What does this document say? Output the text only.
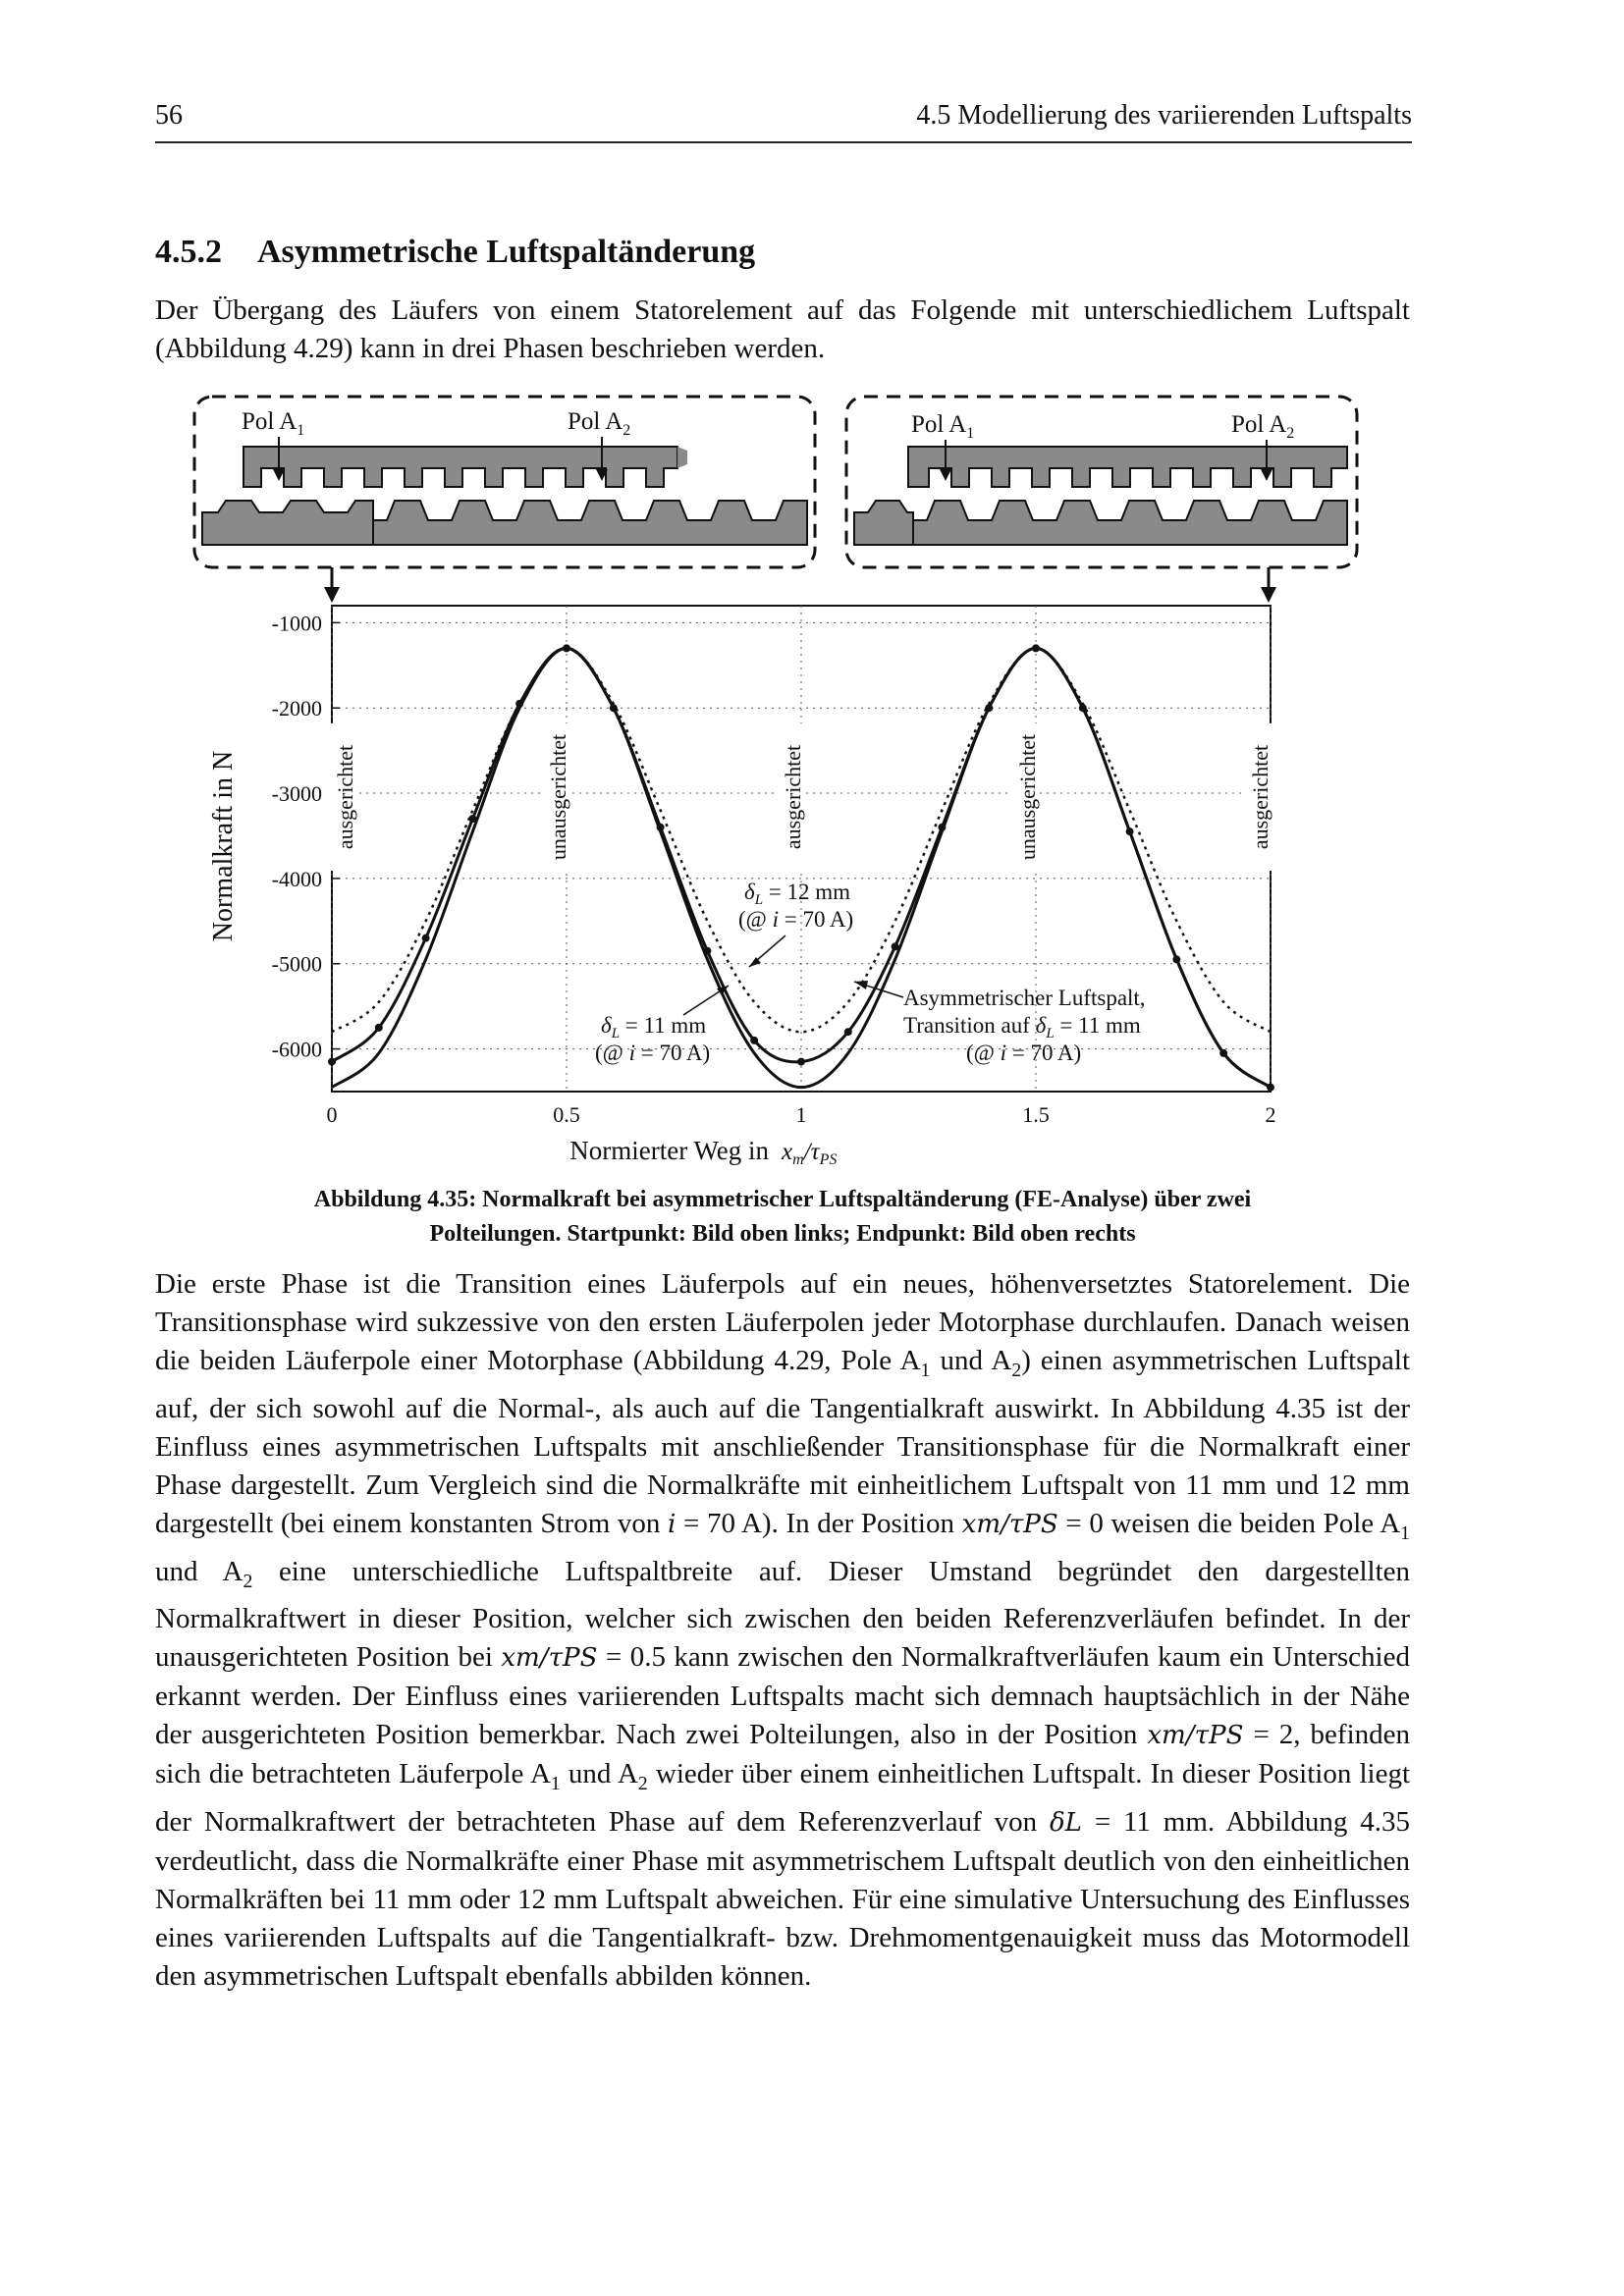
56	4.5 Modellierung des variierenden Luftspalts
4.5.2 Asymmetrische Luftspaltänderung

Der Übergang des Läufers von einem Statorelement auf das Folgende mit unterschiedlichem Luftspalt (Abbildung 4.29) kann in drei Phasen beschrieben werden.

Pol $A_1$	Pol $A_2$	Pol $A_1$	Pol $A_2$
ausgerichtet	unausgerichtet	ausgerichtet	unausgerichtet	ausgerichtet
-1000
-2000
-3000
-4000
-5000
-6000
0	0.5	1	1.5	2
Normalkraft in N
Normierter Weg in $x_m/\tau_{PS}$
$\delta_L = 12$ mm
(@ i = 70 A)
$\delta_L = 11$ mm
(@ i = 70 A)
Asymmetrischer Luftspalt,
Transition auf $\delta_L = 11$ mm
(@ i = 70 A)
Abbildung 4.35: Normalkraft bei asymmetrischer Luftspaltänderung (FE-Analyse) über zwei
Polteilungen. Startpunkt: Bild oben links; Endpunkt: Bild oben rechts

Die erste Phase ist die Transition eines Läuferpols auf ein neues, höhenversetztes Statorelement. Die Transitionsphase wird sukzessive von den ersten Läuferpolen jeder Motorphase durchlaufen. Danach weisen die beiden Läuferpole einer Motorphase (Abbildung 4.29, Pole $A_1$ und $A_2$) einen asymmetrischen Luftspalt auf, der sich sowohl auf die Normal-, als auch auf die Tangentialkraft auswirkt. In Abbildung 4.35 ist der Einfluss eines asymmetrischen Luftspalts mit anschließender Transitionsphase für die Normalkraft einer Phase dargestellt. Zum Vergleich sind die Normalkräfte mit einheitlichem Luftspalt von 11 mm und 12 mm dargestellt (bei einem konstanten Strom von i = 70 A). In der Position xm/τPS = 0 weisen die beiden Pole $A_1$ und $A_2$ eine unterschiedliche Luftspaltbreite auf. Dieser Umstand begründet den dargestellten Normalkraftwert in dieser Position, welcher sich zwischen den beiden Referenzverläufen befindet. In der unausgerichteten Position bei xm/τPS = 0.5 kann zwischen den Normalkraftverläufen kaum ein Unterschied erkannt werden. Der Einfluss eines variierenden Luftspalts macht sich demnach hauptsächlich in der Nähe der ausgerichteten Position bemerkbar. Nach zwei Polteilungen, also in der Position xm/τPS = 2, befinden sich die betrachteten Läuferpole $A_1$ und $A_2$ wieder über einem einheitlichen Luftspalt. In dieser Position liegt der Normalkraftwert der betrachteten Phase auf dem Referenzverlauf von δL = 11 mm. Abbildung 4.35 verdeutlicht, dass die Normalkräfte einer Phase mit asymmetrischem Luftspalt deutlich von den einheitlichen Normalkräften bei 11 mm oder 12 mm Luftspalt abweichen. Für eine simulative Untersuchung des Einflusses eines variierenden Luftspalts auf die Tangentialkraft- bzw. Drehmomentgenauigkeit muss das Motormodell den asymmetrischen Luftspalt ebenfalls abbilden können.
